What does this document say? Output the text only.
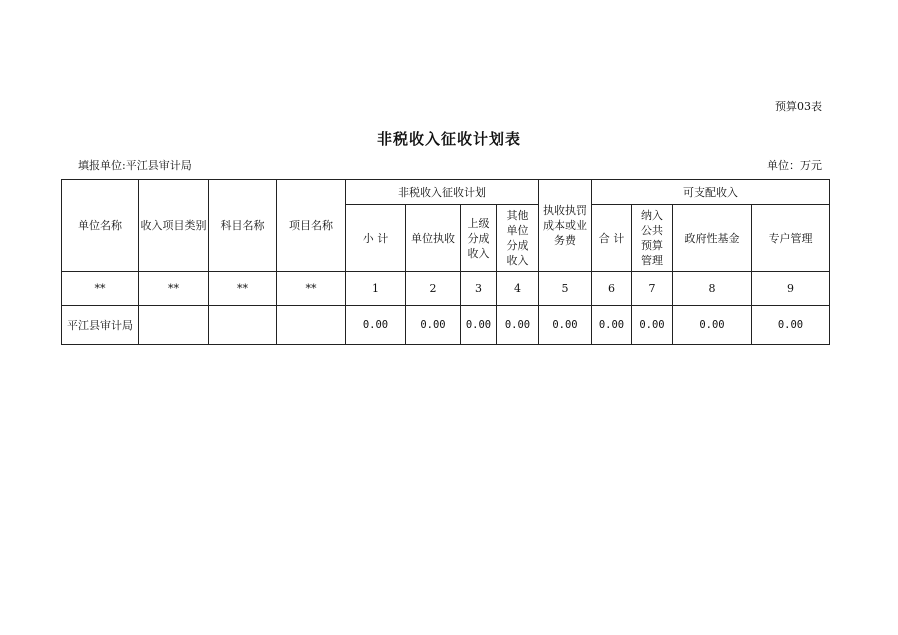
预算03表
非税收入征收计划表
填报单位:平江县审计局	单位：万元
单位名称	收入项目类别	科目名称	项目名称	非税收入征收计划				执收执罚成本或业务费	可支配收入			
				小 计	单位执收	上级
分成
收入	其他
单位
分成
收入		合 计	纳入
公共
预算
管理	政府性基金	专户管理
**	**	**	**	1	2	3	4	5	6	7	8	9
平江县审计局				0.00	0.00	0.00	0.00	0.00	0.00	0.00	0.00	0.00
